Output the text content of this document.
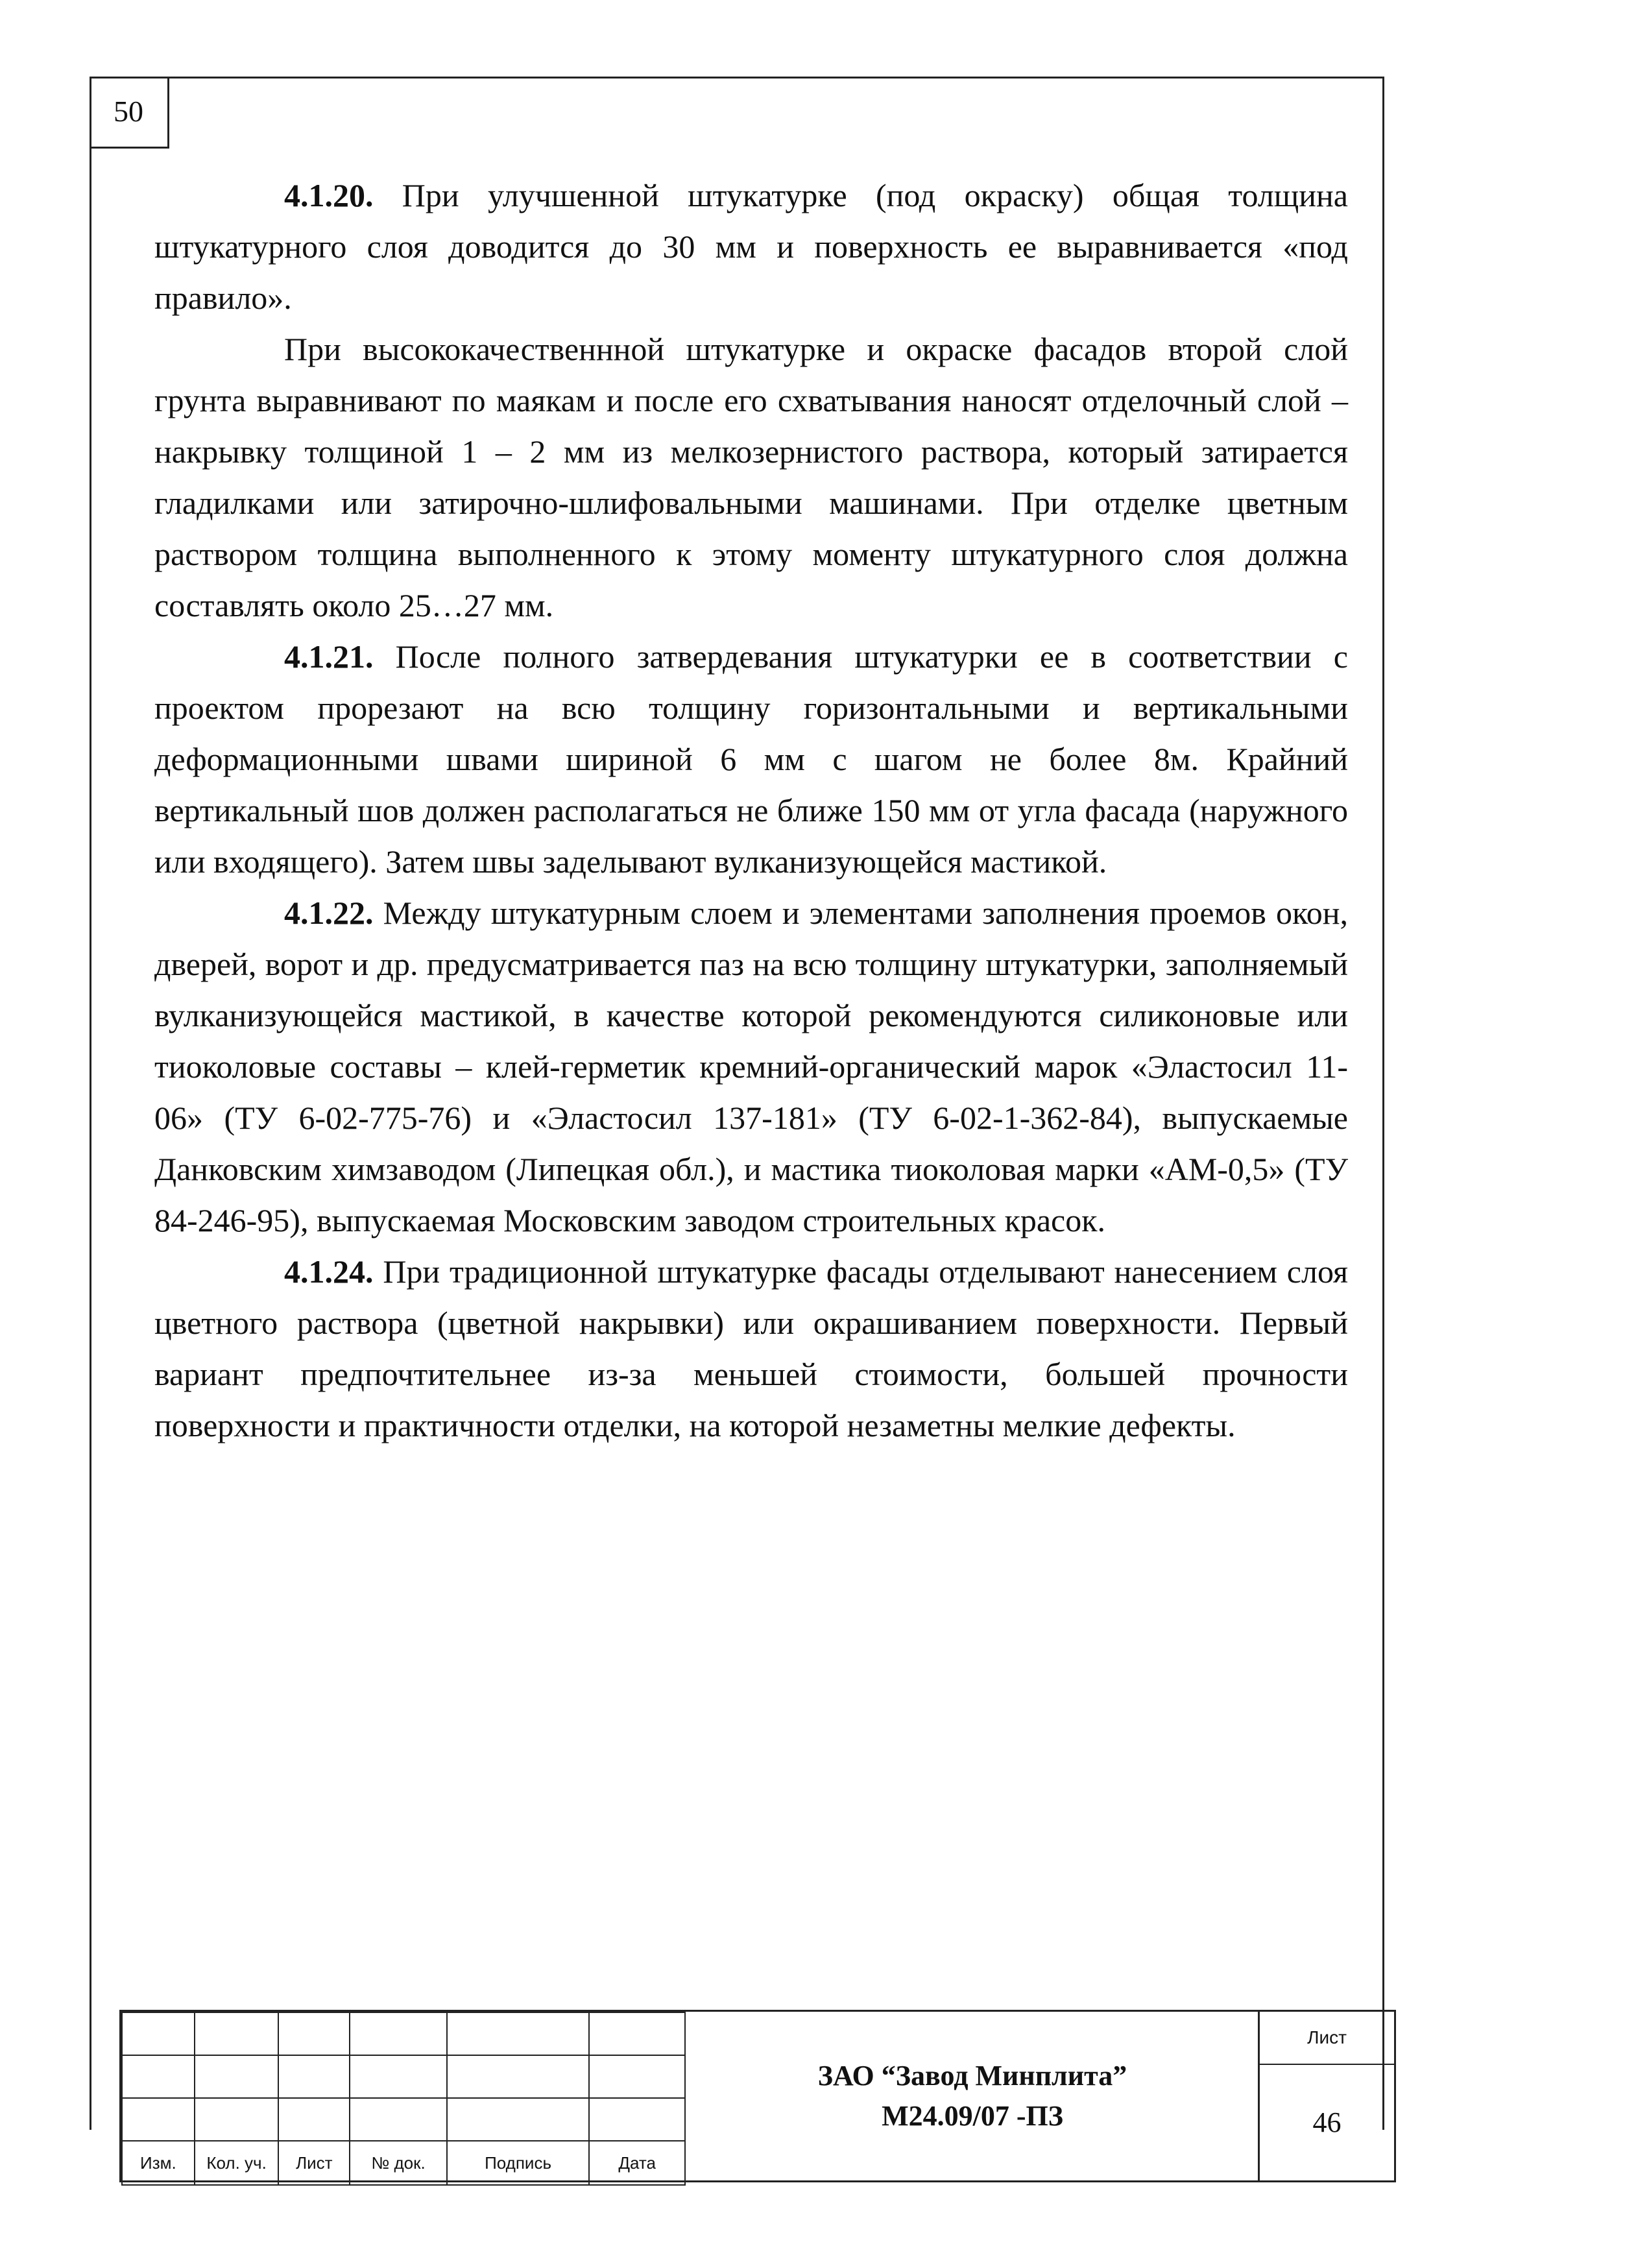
50

4.1.20. При улучшенной штукатурке (под окраску) общая толщина штукатурного слоя доводится до 30 мм и поверхность ее выравнивается «под правило».

При высококачественнной штукатурке и окраске фасадов второй слой грунта выравнивают по маякам и после его схватывания наносят отделочный слой – накрывку толщиной 1 – 2 мм из мелкозернистого раствора, который затирается гладилками или затирочно-шлифовальными машинами. При отделке цветным раствором толщина выполненного к этому моменту штукатурного слоя должна составлять около 25…27 мм.

4.1.21. После полного затвердевания штукатурки ее в соответствии с проектом прорезают на всю толщину горизонтальными и вертикальными деформационными швами шириной 6 мм с шагом не более 8м. Крайний вертикальный шов должен располагаться не ближе 150 мм от угла фасада (наружного или входящего). Затем швы заделывают вулканизующейся мастикой.

4.1.22. Между штукатурным слоем и элементами заполнения проемов окон, дверей, ворот и др. предусматривается паз на всю толщину штукатурки, заполняемый вулканизующейся мастикой, в качестве которой рекомендуются силиконовые или тиоколовые составы – клей-герметик кремний-органический марок «Эластосил 11-06» (ТУ 6-02-775-76) и «Эластосил 137-181» (ТУ 6-02-1-362-84), выпускаемые Данковским химзаводом (Липецкая обл.), и мастика тиоколовая марки «АМ-0,5» (ТУ 84-246-95), выпускаемая Московским заводом строительных красок.

4.1.24. При традиционной штукатурке фасады отделывают нанесением слоя цветного раствора (цветной накрывки) или окрашиванием поверхности. Первый вариант предпочтительнее из-за меньшей стоимости, большей прочности поверхности и практичности отделки, на которой незаметны мелкие дефекты.

Изм.	Кол. уч.	Лист	№ док.	Подпись	Дата
ЗАО “Завод Минплита”
М24.09/07 -ПЗ
Лист
46
